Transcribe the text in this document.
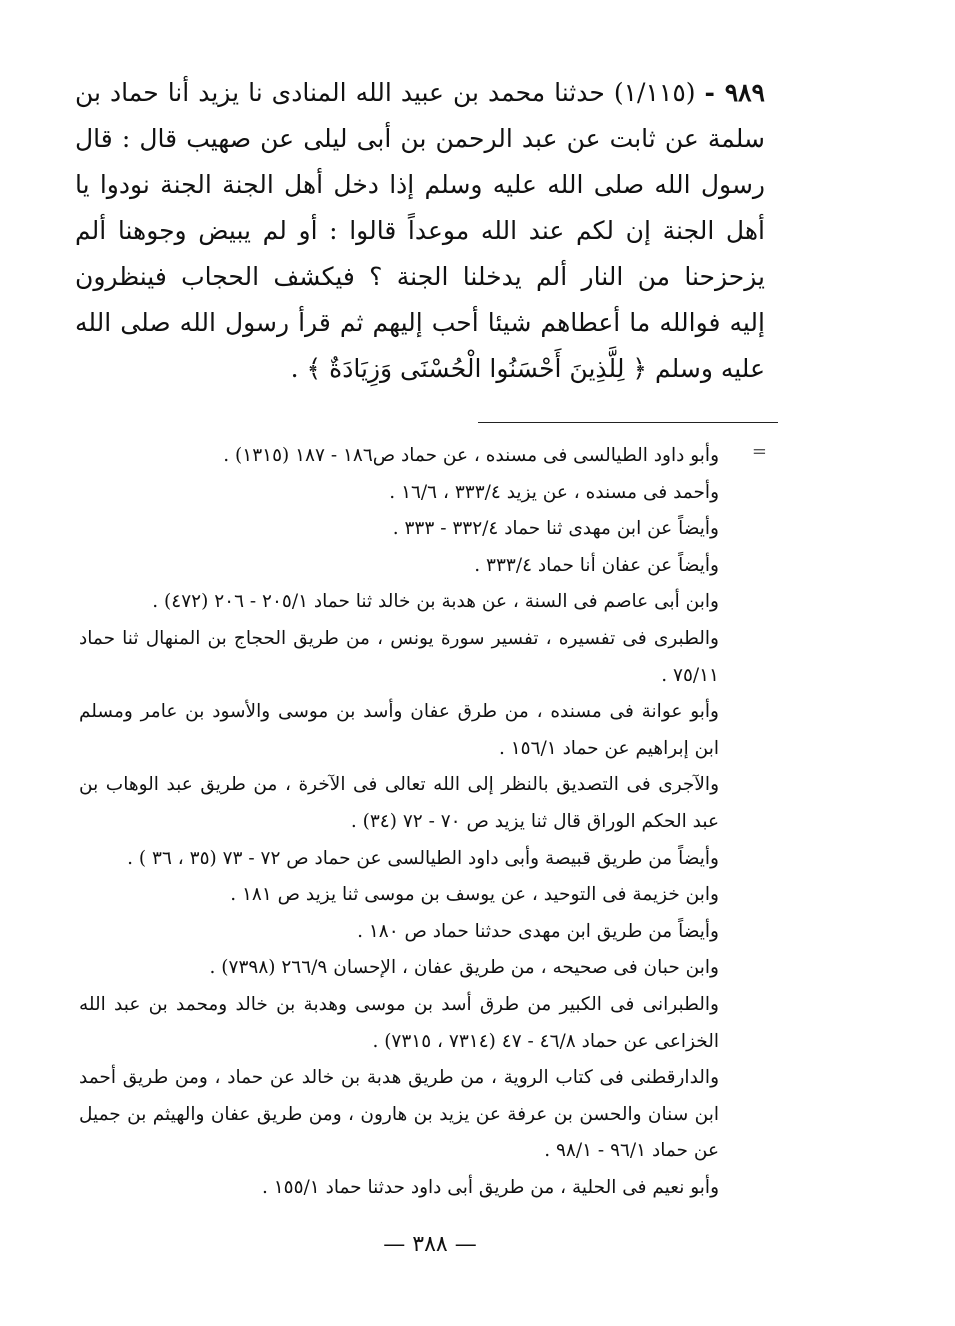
٩٨٩ - (١/١١٥) حدثنا محمد بن عبيد الله المنادى نا يزيد أنا حماد بن
سلمة عن ثابت عن عبد الرحمن بن أبى ليلى عن صهيب قال : قال
رسول الله صلى الله عليه وسلم إذا دخل أهل الجنة الجنة نودوا يا
أهل الجنة إن لكم عند الله موعداً قالوا : أو لم يبيض وجوهنا ألم
يزحزحنا من النار ألم يدخلنا الجنة ؟ فيكشف الحجاب فينظرون
إليه فوالله ما أعطاهم شيئا أحب إليهم ثم قرأ رسول الله صلى الله
عليه وسلم ﴿ لِلَّذِينَ أَحْسَنُوا الْحُسْنَى وَزِيَادَةٌ ﴾ .
=
وأبو داود الطيالسى فى مسنده ، عن حماد ص١٨٦ - ١٨٧ (١٣١٥) .
وأحمد فى مسنده ، عن يزيد ٣٣٣/٤ ، ١٦/٦ .
وأيضاً عن ابن مهدى ثنا حماد ٣٣٢/٤ - ٣٣٣ .
وأيضاً عن عفان أنا حماد ٣٣٣/٤ .
وابن أبى عاصم فى السنة ، عن هدبة بن خالد ثنا حماد ٢٠٥/١ - ٢٠٦ (٤٧٢) .
والطبرى فى تفسيره ، تفسير سورة يونس ، من طريق الحجاج بن المنهال ثنا حماد
٧٥/١١ .
وأبو عوانة فى مسنده ، من طرق عفان وأسد بن موسى والأسود بن عامر ومسلم
ابن إبراهيم عن حماد ١٥٦/١ .
والآجرى فى التصديق بالنظر إلى الله تعالى فى الآخرة ، من طريق عبد الوهاب بن
عبد الحكم الوراق قال ثنا يزيد ص ٧٠ - ٧٢ (٣٤) .
وأيضاً من طريق قبيصة وأبى داود الطيالسى عن حماد ص ٧٢ - ٧٣ (٣٥ ، ٣٦ ) .
وابن خزيمة فى التوحيد ، عن يوسف بن موسى ثنا يزيد ص ١٨١ .
وأيضاً من طريق ابن مهدى حدثنا حماد ص ١٨٠ .
وابن حبان فى صحيحه ، من طريق عفان ، الإحسان ٢٦٦/٩ (٧٣٩٨) .
والطبرانى فى الكبير من طرق أسد بن موسى وهدبة بن خالد ومحمد بن عبد الله
الخزاعى عن حماد ٤٦/٨ - ٤٧ (٧٣١٤ ، ٧٣١٥) .
والدارقطنى فى كتاب الروية ، من طريق هدبة بن خالد عن حماد ، ومن طريق أحمد
ابن سنان والحسن بن عرفة عن يزيد بن هارون ، ومن طريق عفان والهيثم بن جميل
عن حماد ٩٦/١ - ٩٨/١ .
وأبو نعيم فى الحلية ، من طريق أبى داود حدثنا حماد ١٥٥/١ .
— ٣٨٨ —
